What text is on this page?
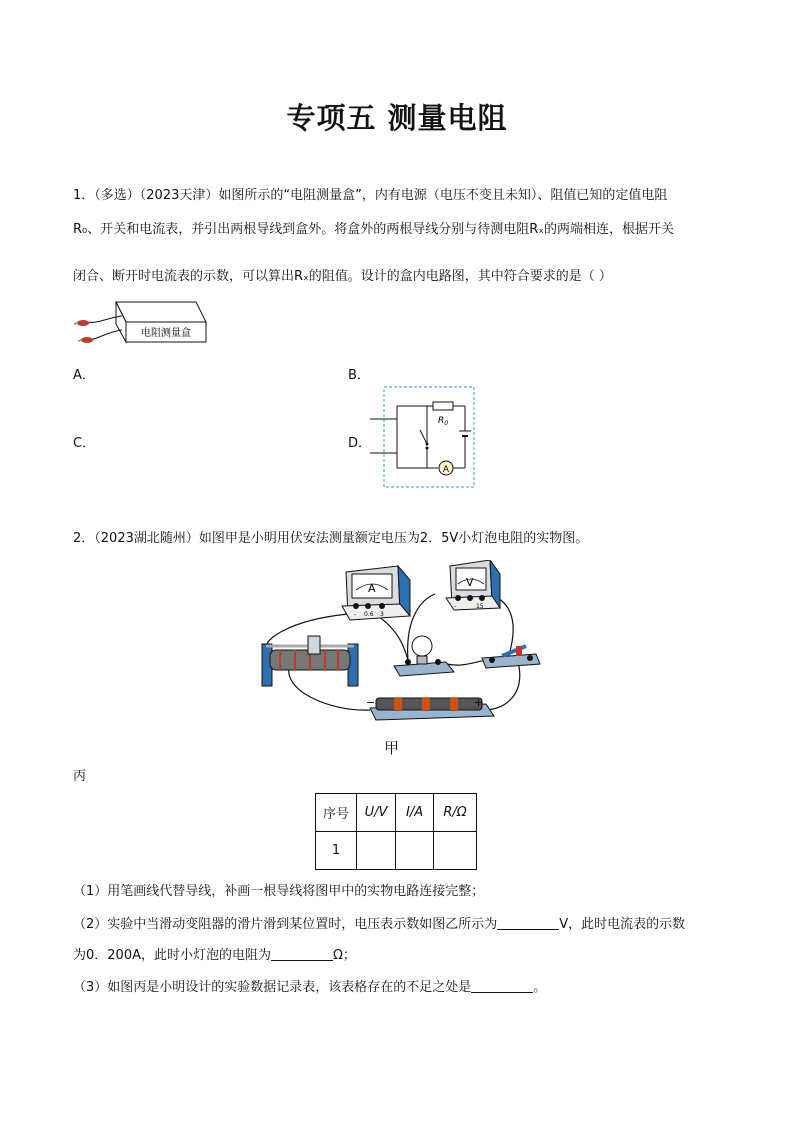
专项五 测量电阻
1．（多选）（2023天津）如图所示的“电阻测量盒”，内有电源（电压不变且未知）、阻值已知的定值电阻
R₀、开关和电流表，并引出两根导线到盒外。将盒外的两根导线分别与待测电阻Rₓ的两端相连，根据开关
闭合、断开时电流表的示数，可以算出Rₓ的阻值。设计的盒内电路图，其中符合要求的是（ ）
电阻测量盒
A．	B．
C．	D．
A
$R_0$
2．（2023湖北随州）如图甲是小明用伏安法测量额定电压为2．5V小灯泡电阻的实物图。
A
- 0.6 3
V
-	15
−	+
甲
丙
序号	U/V	I/A	R/Ω
1			
（1）用笔画线代替导线，补画一根导线将图甲中的实物电路连接完整；
（2）实验中当滑动变阻器的滑片滑到某位置时，电压表示数如图乙所示为	V，此时电流表的示数
为0．200A，此时小灯泡的电阻为	Ω；
（3）如图丙是小明设计的实验数据记录表，该表格存在的不足之处是	。
